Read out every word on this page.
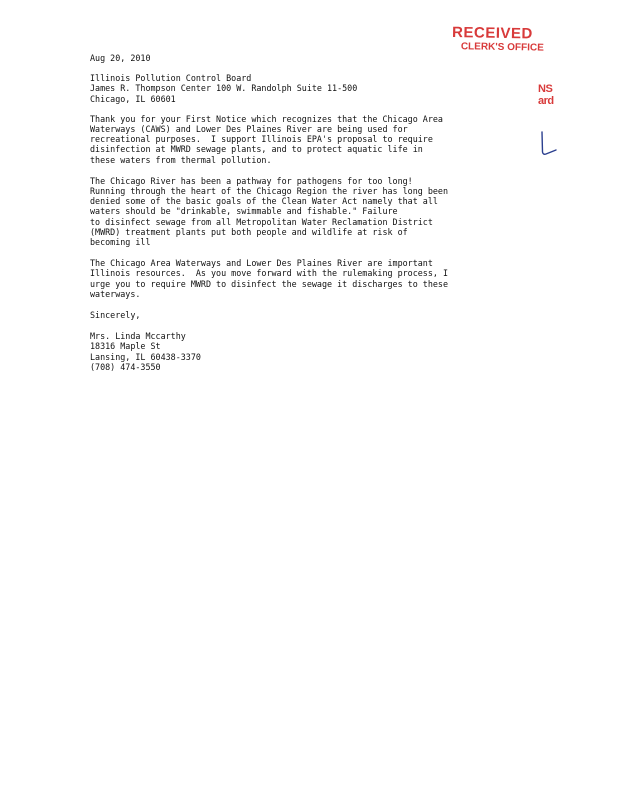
RECEIVED
CLERK'S OFFICE
NS
ard
Aug 20, 2010
Illinois Pollution Control Board
James R. Thompson Center 100 W. Randolph Suite 11-500
Chicago, IL 60601
Thank you for your First Notice which recognizes that the Chicago Area
Waterways (CAWS) and Lower Des Plaines River are being used for
recreational purposes.  I support Illinois EPA's proposal to require
disinfection at MWRD sewage plants, and to protect aquatic life in
these waters from thermal pollution.
The Chicago River has been a pathway for pathogens for too long!
Running through the heart of the Chicago Region the river has long been
denied some of the basic goals of the Clean Water Act namely that all
waters should be "drinkable, swimmable and fishable." Failure
to disinfect sewage from all Metropolitan Water Reclamation District
(MWRD) treatment plants put both people and wildlife at risk of
becoming ill
The Chicago Area Waterways and Lower Des Plaines River are important
Illinois resources.  As you move forward with the rulemaking process, I
urge you to require MWRD to disinfect the sewage it discharges to these
waterways.
Sincerely,
Mrs. Linda Mccarthy
18316 Maple St
Lansing, IL 60438-3370
(708) 474-3550
